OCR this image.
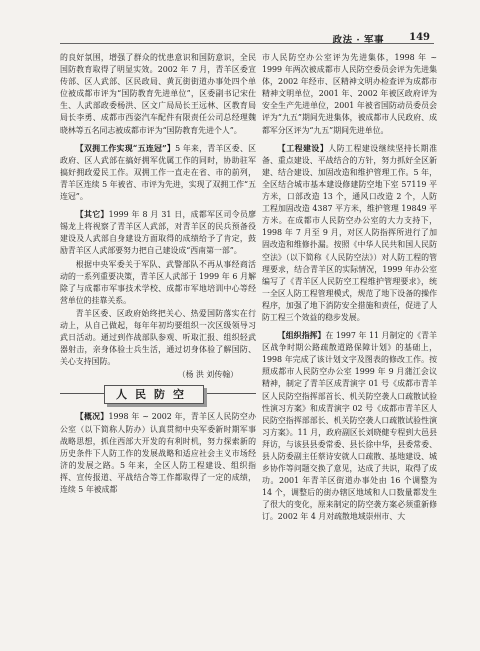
政法 · 军事	149

的良好氛围，增强了群众的忧患意识和国防意识，全民国防教育取得了明显实效。2002 年 7 月，青羊区委宣传部、区人武部、区民政局、黄瓦街街道办事处四个单位被成都市评为“国防教育先进单位”，区委副书记宋仕生、人武部政委杨洪、区文广局局长王远林、区教育局局长李勇、成都市西姿汽车配件有限责任公司总经理魏晓林等五名同志被成都市评为“国防教育先进个人”。

【双拥工作实现“五连冠”】5 年来，青羊区委、区政府、区人武部在搞好拥军优属工作的同时，协助驻军搞好拥政爱民工作。双拥工作一直走在省、市的前列，青羊区连续 5 年被省、市评为先进，实现了双拥工作“五连冠”。

【其它】1999 年 8 月 31 日，成都军区司令员廖锡龙上将视察了青羊区人武部，对青羊区的民兵预备役建设及人武部自身建设方面取得的成绩给予了肯定，鼓励青羊区人武部要努力把自己建设成“西南第一部”。

根据中央军委关于军队、武警部队不再从事经商活动的一系列重要决策，青羊区人武部于 1999 年 6 月解除了与成都市军事技术学校、成都市军地培训中心等经营单位的挂靠关系。

青羊区委、区政府始终把关心、热爱国防落实在行动上，从自己做起，每年年初均要组织一次区级领导习武日活动。通过到作战部队参观、听取汇报、组织轻武器射击，亲身体验士兵生活，通过切身体验了解国防、关心支持国防。

（杨 洪 刘传翰）

人民防空

【概况】1998 年 ~ 2002 年，青羊区人民防空办公室（以下简称人防办）认真贯彻中央军委新时期军事战略思想，抓住西部大开发的有利时机，努力探索新的历史条件下人防工作的发展战略和适应社会主义市场经济的发展之路。5 年来，全区人防工程建设、组织指挥、宣传报道、平战结合等工作都取得了一定的成绩，连续 5 年被成都

市人民防空办公室评为先进集体，1998 年 ~ 1999 年两次被成都市人民防空委员会评为先进集体，2002 年经市、区精神文明办检查评为成都市精神文明单位，2001 年、2002 年被区政府评为安全生产先进单位，2001 年被省国防动员委员会评为“九五”期间先进集体，被成都市人民政府、成都军分区评为“九五”期间先进单位。

【工程建设】人防工程建设继续坚持长期准备、重点建设、平战结合的方针，努力抓好全区新建、结合建设、加固改造和维护管理工作。5 年，全区结合城市基本建设修建防空地下室 57119 平方米，口部改造 13 个，通风口改造 2 个，人防工程加固改造 4387 平方米，维护管理 19849 平方米。在成都市人民防空办公室的大力支持下，1998 年 7 月至 9 月，对区人防指挥所进行了加固改造和维修扑漏。按照《中华人民共和国人民防空法》（以下简称《人民防空法》）对人防工程的管理要求，结合青羊区的实际情况，1999 年办公室编写了《青羊区人民防空工程维护管理要求》，统一全区人防工程管理模式，规范了地下设备的操作程序，加强了地下消防安全措施和责任，促进了人防工程三个效益的稳步发展。

【组织指挥】在 1997 年 11 月制定的《青羊区战争时期公路疏散道路保障计划》的基础上，1998 年完成了该计划文字及图表的修改工作。按照成都市人民防空办公室 1999 年 9 月蒲江会议精神，制定了青羊区成青演字 01 号《成都市青羊区人民防空指挥部首长、机关防空袭人口疏散试验性演习方案》和成青演字 02 号《成都市青羊区人民防空指挥部部长、机关防空袭人口疏散试验性演习方案》。11 月，政府副区长刘晓健专程到大邑县拜访，与该县县委常委、县长徐中华，县委常委、县人防委副主任蔡诗安就人口疏散、基地建设、城乡协作等问题交换了意见，达成了共识，取得了成功。2001 年青羊区街道办事处由 16 个调整为 14 个，调整后的街办辖区地域和人口数量都发生了很大的变化，原来制定的防空袭方案必须重新修订。2002 年 4 月对疏散地域崇州市、大
